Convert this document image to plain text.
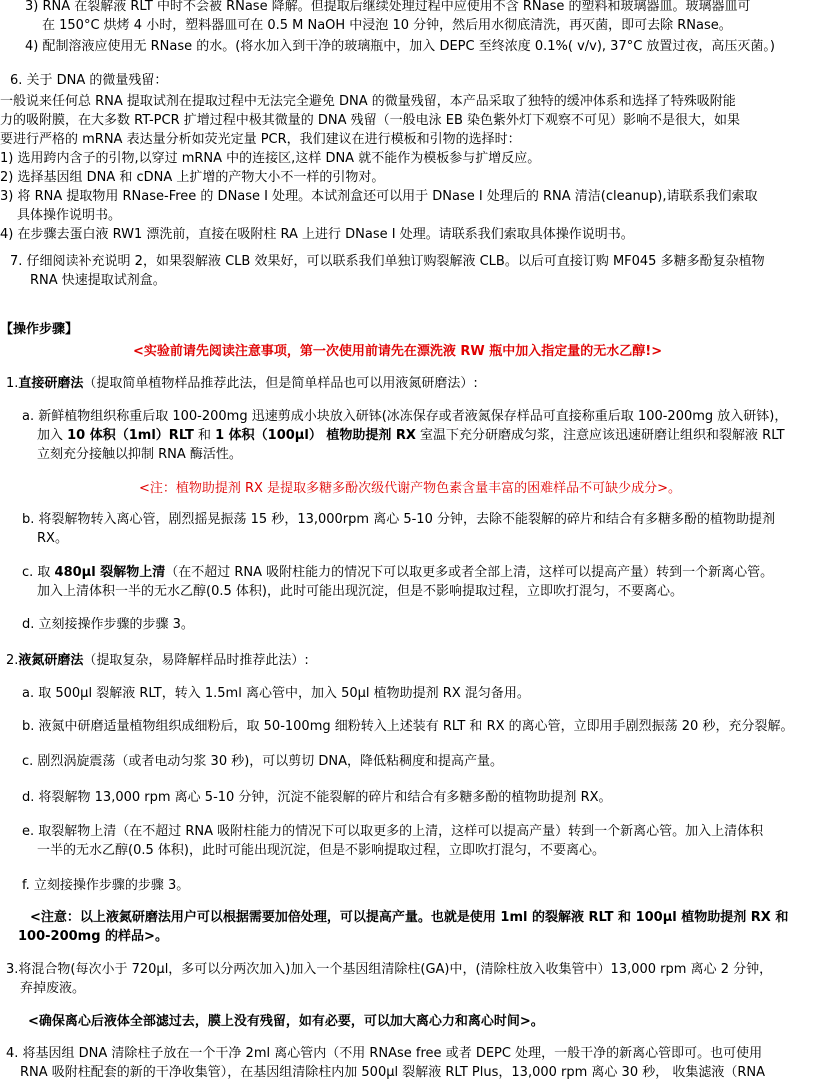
3) RNA 在裂解液 RLT 中时不会被 RNase 降解。但提取后继续处理过程中应使用不含 RNase 的塑料和玻璃器皿。玻璃器皿可
在 150°C 烘烤 4 小时，塑料器皿可在 0.5 M NaOH 中浸泡 10 分钟，然后用水彻底清洗，再灭菌，即可去除 RNase。
4) 配制溶液应使用无 RNase 的水。(将水加入到干净的玻璃瓶中，加入 DEPC 至终浓度 0.1%( v/v), 37°C 放置过夜，高压灭菌。)
6. 关于 DNA 的微量残留：
一般说来任何总 RNA 提取试剂在提取过程中无法完全避免 DNA 的微量残留，本产品采取了独特的缓冲体系和选择了特殊吸附能
力的吸附膜，在大多数 RT-PCR 扩增过程中极其微量的 DNA 残留（一般电泳 EB 染色紫外灯下观察不可见）影响不是很大，如果
要进行严格的 mRNA 表达量分析如荧光定量 PCR，我们建议在进行模板和引物的选择时：
1) 选用跨内含子的引物,以穿过 mRNA 中的连接区,这样 DNA 就不能作为模板参与扩增反应。
2) 选择基因组 DNA 和 cDNA 上扩增的产物大小不一样的引物对。
3) 将 RNA 提取物用 RNase-Free 的 DNase I 处理。本试剂盒还可以用于 DNase I 处理后的 RNA 清洁(cleanup),请联系我们索取
具体操作说明书。
4) 在步骤去蛋白液 RW1 漂洗前，直接在吸附柱 RA 上进行 DNase I 处理。请联系我们索取具体操作说明书。
7. 仔细阅读补充说明 2，如果裂解液 CLB 效果好，可以联系我们单独订购裂解液 CLB。以后可直接订购 MF045 多糖多酚复杂植物
RNA 快速提取试剂盒。
【操作步骤】
<实验前请先阅读注意事项，第一次使用前请先在漂洗液 RW 瓶中加入指定量的无水乙醇!>
1.直接研磨法（提取简单植物样品推荐此法，但是简单样品也可以用液氮研磨法）:
a. 新鲜植物组织称重后取 100-200mg 迅速剪成小块放入研钵(冰冻保存或者液氮保存样品可直接称重后取 100-200mg 放入研钵)，
加入 10 体积（1ml）RLT 和 1 体积（100µl） 植物助提剂 RX 室温下充分研磨成匀浆，注意应该迅速研磨让组织和裂解液 RLT
立刻充分接触以抑制 RNA 酶活性。
<注：植物助提剂 RX 是提取多糖多酚次级代谢产物色素含量丰富的困难样品不可缺少成分>。
b. 将裂解物转入离心管，剧烈摇晃振荡 15 秒，13,000rpm 离心 5-10 分钟，去除不能裂解的碎片和结合有多糖多酚的植物助提剂
RX。
c. 取 480µl 裂解物上清（在不超过 RNA 吸附柱能力的情况下可以取更多或者全部上清，这样可以提高产量）转到一个新离心管。
加入上清体积一半的无水乙醇(0.5 体积)，此时可能出现沉淀，但是不影响提取过程，立即吹打混匀，不要离心。
d. 立刻接操作步骤的步骤 3。
2.液氮研磨法（提取复杂，易降解样品时推荐此法）:
a. 取 500µl 裂解液 RLT，转入 1.5ml 离心管中，加入 50µl 植物助提剂 RX 混匀备用。
b. 液氮中研磨适量植物组织成细粉后，取 50-100mg 细粉转入上述装有 RLT 和 RX 的离心管，立即用手剧烈振荡 20 秒，充分裂解。
c. 剧烈涡旋震荡（或者电动匀浆 30 秒)，可以剪切 DNA，降低粘稠度和提高产量。
d. 将裂解物 13,000 rpm 离心 5-10 分钟，沉淀不能裂解的碎片和结合有多糖多酚的植物助提剂 RX。
e. 取裂解物上清（在不超过 RNA 吸附柱能力的情况下可以取更多的上清，这样可以提高产量）转到一个新离心管。加入上清体积
一半的无水乙醇(0.5 体积)，此时可能出现沉淀，但是不影响提取过程，立即吹打混匀，不要离心。
f. 立刻接操作步骤的步骤 3。
<注意：以上液氮研磨法用户可以根据需要加倍处理，可以提高产量。也就是使用 1ml 的裂解液 RLT 和 100µl 植物助提剂 RX 和
100-200mg 的样品>。
3.将混合物(每次小于 720µl，多可以分两次加入)加入一个基因组清除柱(GA)中，(清除柱放入收集管中）13,000 rpm 离心 2 分钟，
弃掉废液。
<确保离心后液体全部滤过去，膜上没有残留，如有必要，可以加大离心力和离心时间>。
4. 将基因组 DNA 清除柱子放在一个干净 2ml 离心管内（不用 RNAse free 或者 DEPC 处理，一般干净的新离心管即可。也可使用
RNA 吸附柱配套的新的干净收集管），在基因组清除柱内加 500µl 裂解液 RLT Plus，13,000 rpm 离心 30 秒， 收集滤液（RNA
